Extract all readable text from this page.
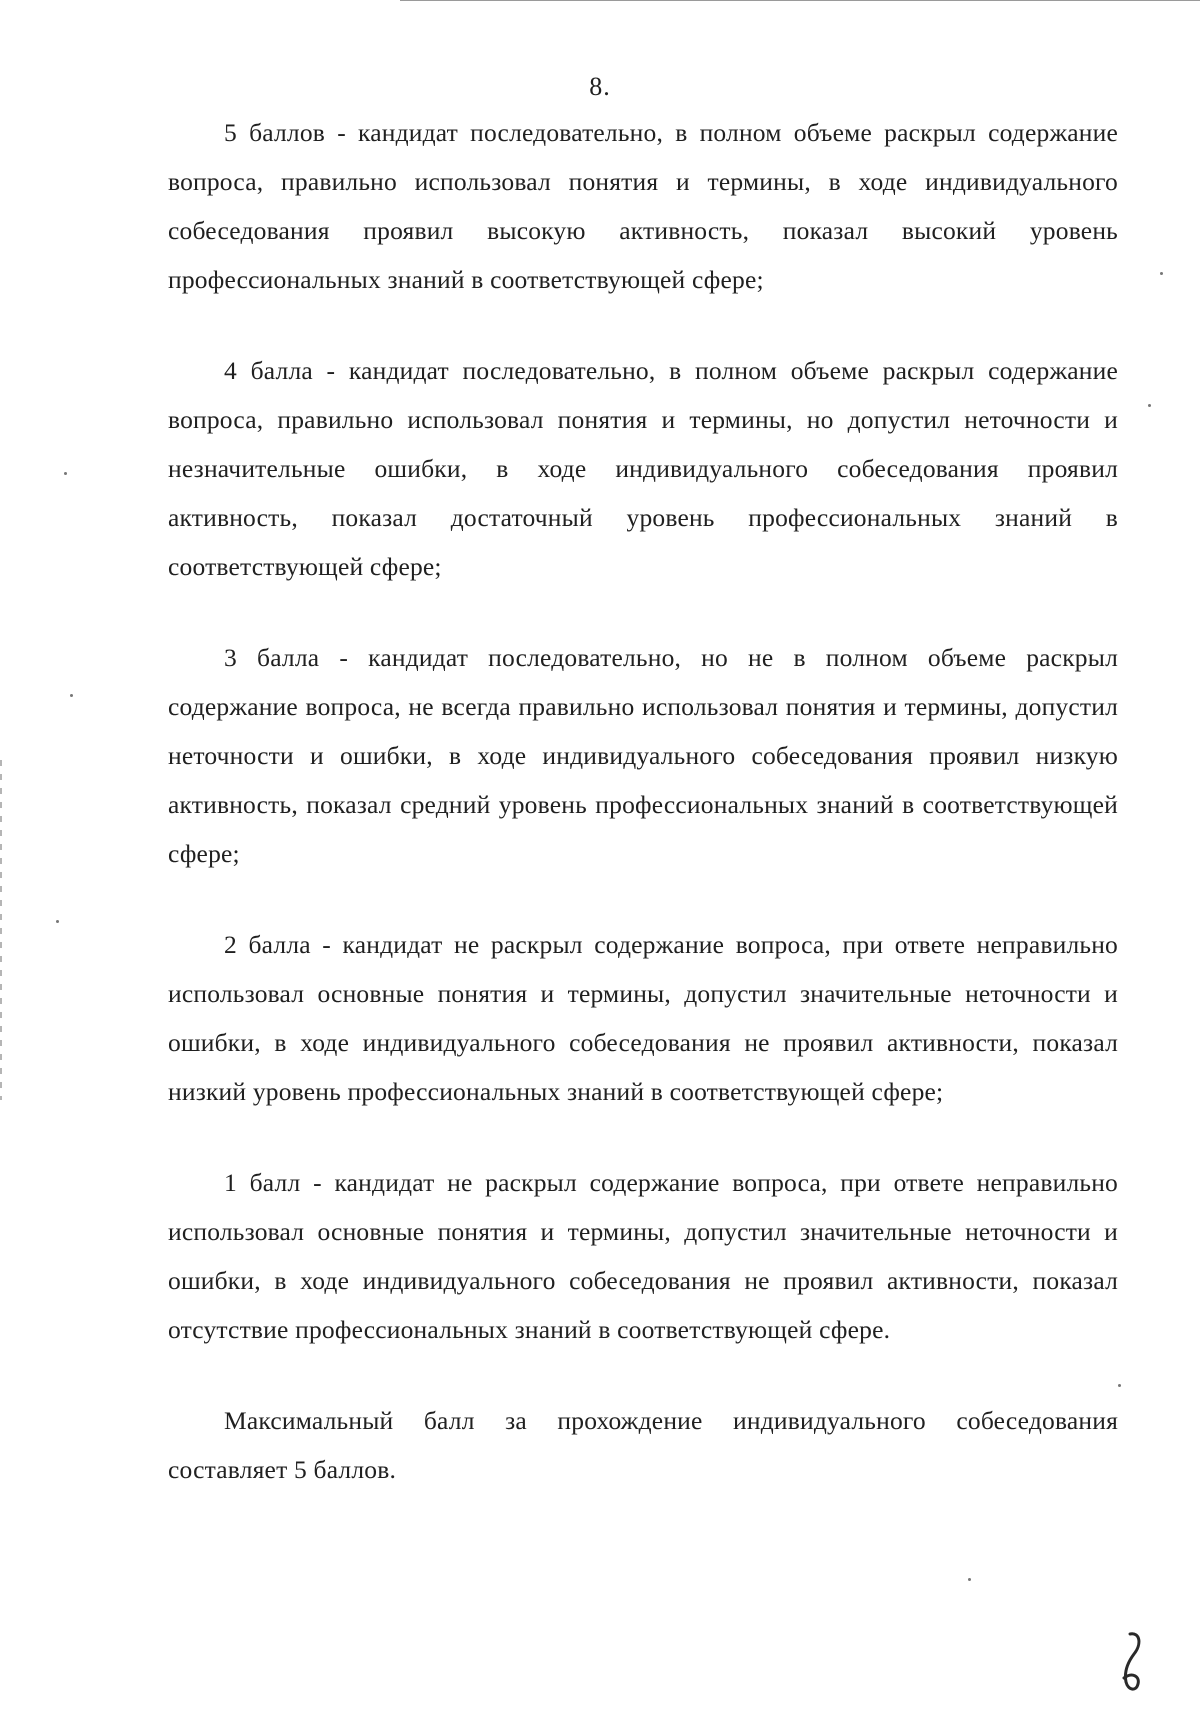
8.

5 баллов - кандидат последовательно, в полном объеме раскрыл содержание вопроса, правильно использовал понятия и термины, в ходе индивидуального собеседования проявил высокую активность, показал высокий уровень профессиональных знаний в соответствующей сфере;

4 балла - кандидат последовательно, в полном объеме раскрыл содержание вопроса, правильно использовал понятия и термины, но допустил неточности и незначительные ошибки, в ходе индивидуального собеседования проявил активность, показал достаточный уровень профессиональных знаний в соответствующей сфере;

3 балла - кандидат последовательно, но не в полном объеме раскрыл содержание вопроса, не всегда правильно использовал понятия и термины, допустил неточности и ошибки, в ходе индивидуального собеседования проявил низкую активность, показал средний уровень профессиональных знаний в соответствующей сфере;

2 балла - кандидат не раскрыл содержание вопроса, при ответе неправильно использовал основные понятия и термины, допустил значительные неточности и ошибки, в ходе индивидуального собеседования не проявил активности, показал низкий уровень профессиональных знаний в соответствующей сфере;

1 балл - кандидат не раскрыл содержание вопроса, при ответе неправильно использовал основные понятия и термины, допустил значительные неточности и ошибки, в ходе индивидуального собеседования не проявил активности, показал отсутствие профессиональных знаний в соответствующей сфере.

Максимальный балл за прохождение индивидуального собеседования составляет 5 баллов.
